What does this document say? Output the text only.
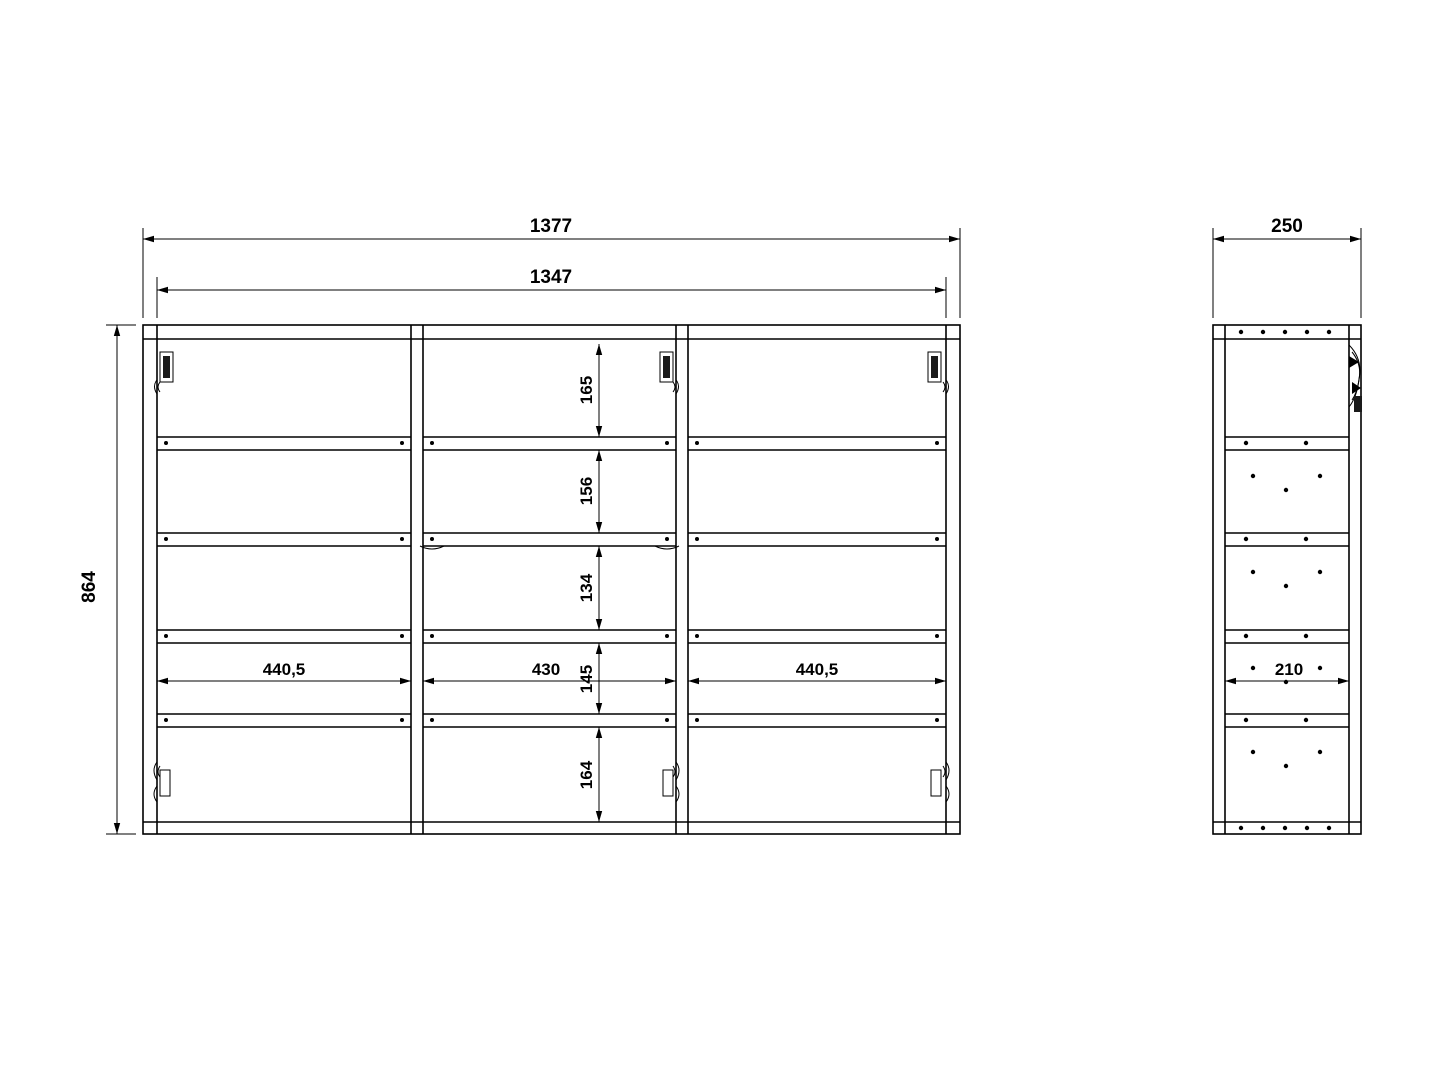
1377
1347
864
165
156
134
145
164
440,5	430	440,5
250
210
